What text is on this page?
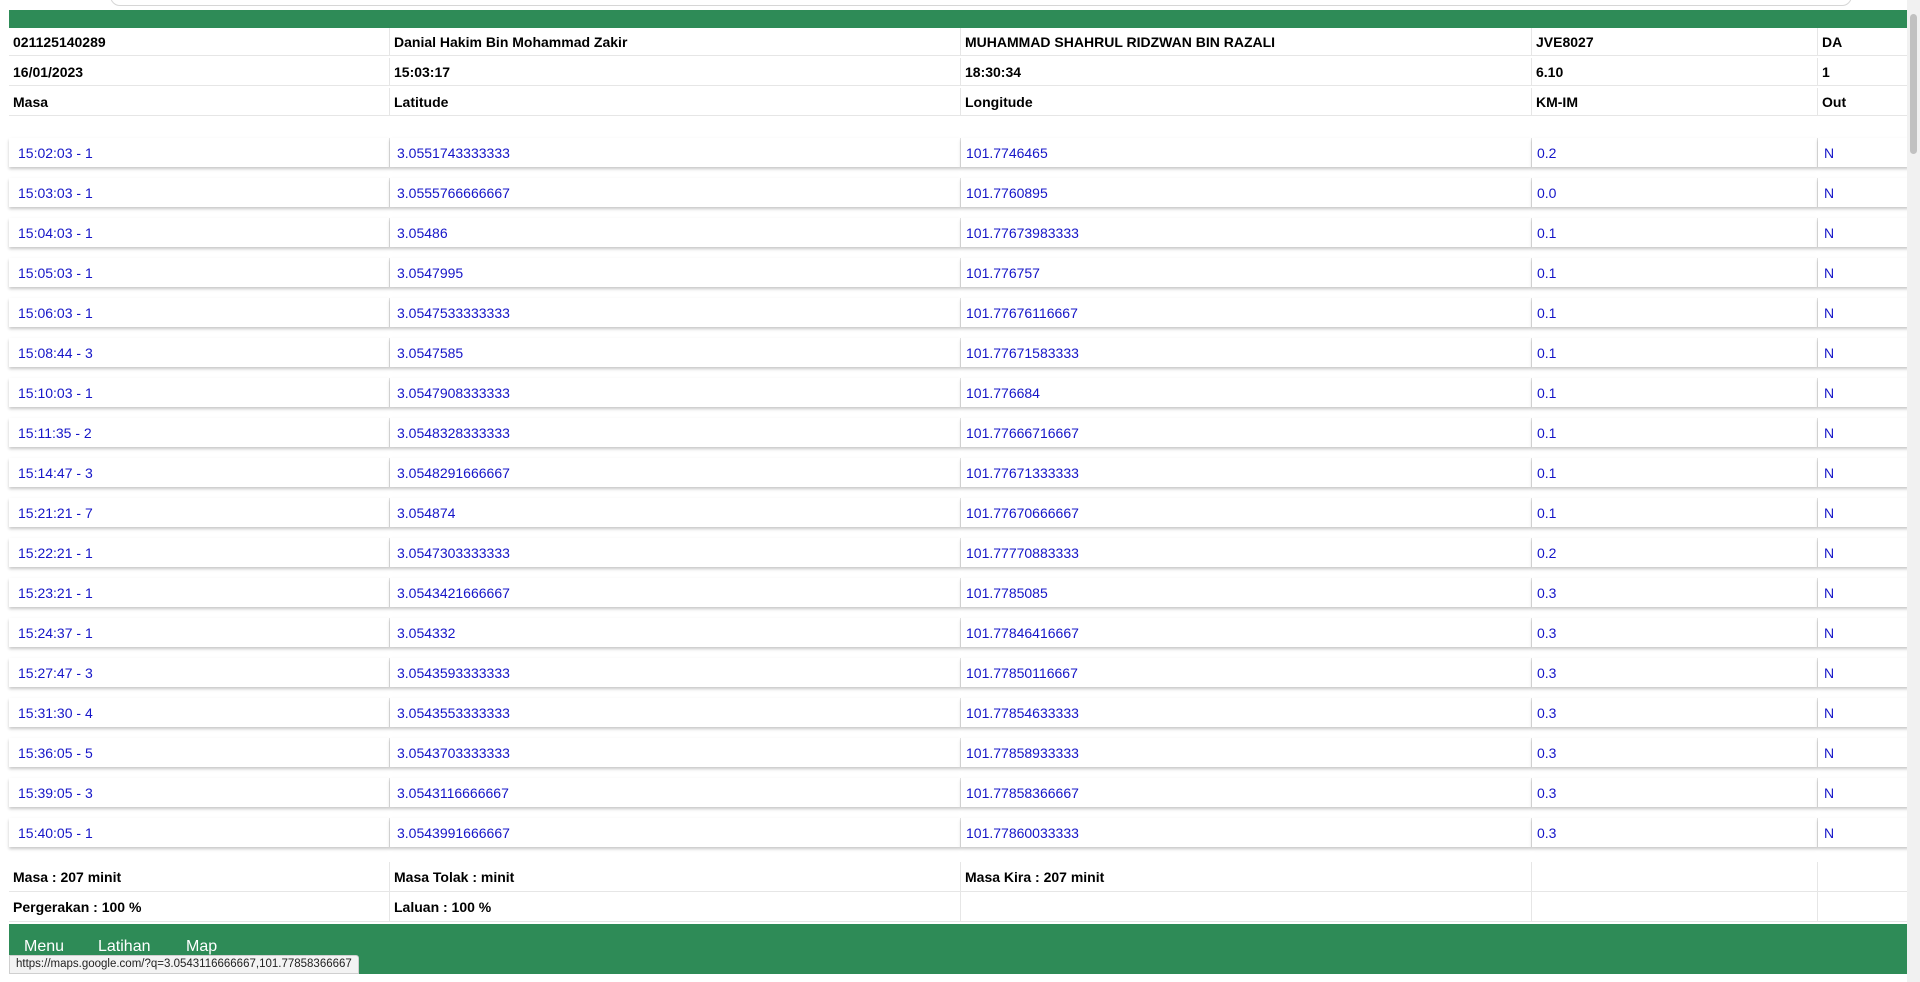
021125140289	Danial Hakim Bin Mohammad Zakir	MUHAMMAD SHAHRUL RIDZWAN BIN RAZALI	JVE8027	DA
16/01/2023	15:03:17	18:30:34	6.10	1
Masa	Latitude	Longitude	KM-IM	Out
15:02:03 - 1	3.0551743333333	101.7746465	0.2	N
15:03:03 - 1	3.0555766666667	101.7760895	0.0	N
15:04:03 - 1	3.05486	101.77673983333	0.1	N
15:05:03 - 1	3.0547995	101.776757	0.1	N
15:06:03 - 1	3.0547533333333	101.77676116667	0.1	N
15:08:44 - 3	3.0547585	101.77671583333	0.1	N
15:10:03 - 1	3.0547908333333	101.776684	0.1	N
15:11:35 - 2	3.0548328333333	101.77666716667	0.1	N
15:14:47 - 3	3.0548291666667	101.77671333333	0.1	N
15:21:21 - 7	3.054874	101.77670666667	0.1	N
15:22:21 - 1	3.0547303333333	101.77770883333	0.2	N
15:23:21 - 1	3.0543421666667	101.7785085	0.3	N
15:24:37 - 1	3.054332	101.77846416667	0.3	N
15:27:47 - 3	3.0543593333333	101.77850116667	0.3	N
15:31:30 - 4	3.0543553333333	101.77854633333	0.3	N
15:36:05 - 5	3.0543703333333	101.77858933333	0.3	N
15:39:05 - 3	3.0543116666667	101.77858366667	0.3	N
15:40:05 - 1	3.0543991666667	101.77860033333	0.3	N
Masa : 207 minit	Masa Tolak : minit	Masa Kira : 207 minit
Pergerakan : 100 %	Laluan : 100 %
Menu Latihan Map
https://maps.google.com/?q=3.0543116666667,101.77858366667
